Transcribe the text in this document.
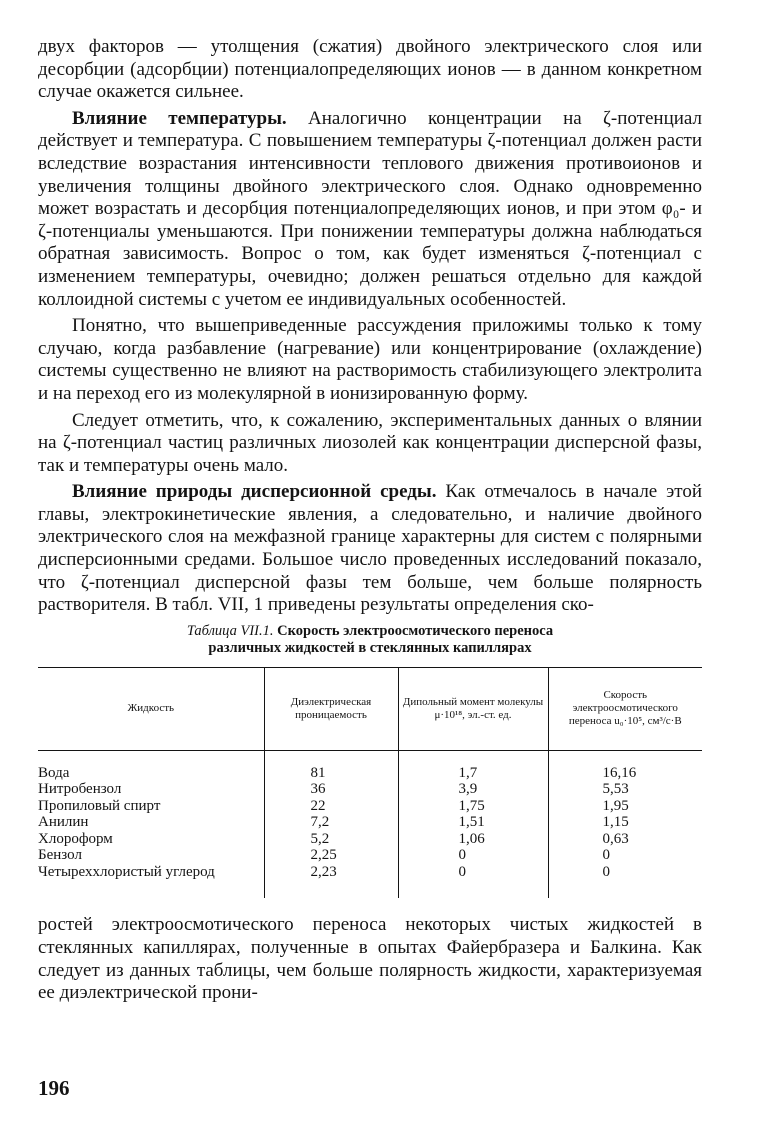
двух факторов — утолщения (сжатия) двойного электрического слоя или десорбции (адсорбции) потенциалопределяющих ионов — в данном конкретном случае окажется сильнее.

Влияние температуры. Аналогично концентрации на ζ-потенциал действует и температура. С повышением температуры ζ-потенциал должен расти вследствие возрастания интенсивности теплового движения противоионов и увеличения толщины двойного электрического слоя. Однако одновременно может возрастать и десорбция потенциалопределяющих ионов, и при этом φ₀- и ζ-потенциалы уменьшаются. При понижении температуры должна наблюдаться обратная зависимость. Вопрос о том, как будет изменяться ζ-потенциал с изменением температуры, очевидно; должен решаться отдельно для каждой коллоидной системы с учетом ее индивидуальных особенностей.

Понятно, что вышеприведенные рассуждения приложимы только к тому случаю, когда разбавление (нагревание) или концентрирование (охлаждение) системы существенно не влияют на растворимость стабилизующего электролита и на переход его из молекулярной в ионизированную форму.

Следует отметить, что, к сожалению, экспериментальных данных о влянии на ζ-потенциал частиц различных лиозолей как концентрации дисперсной фазы, так и температуры очень мало.

Влияние природы дисперсионной среды. Как отмечалось в начале этой главы, электрокинетические явления, а следовательно, и наличие двойного электрического слоя на межфазной границе характерны для систем с полярными дисперсионными средами. Большое число проведенных исследований показало, что ζ-потенциал дисперсной фазы тем больше, чем больше полярность растворителя. В табл. VII, 1 приведены результаты определения ско-

Таблица VII.1. Скорость электроосмотического переноса
различных жидкостей в стеклянных капиллярах
Жидкость	Диэлектрическая проницаемость	Дипольный момент молекулы μ·10¹⁸, эл.-ст. ед.	Скорость электроосмотического переноса u₀·10⁵, см³/с·В

Вода	81	1,7	16,16
Нитробензол	36	3,9	5,53
Пропиловый спирт	22	1,75	1,95
Анилин	7,2	1,51	1,15
Хлороформ	5,2	1,06	0,63
Бензол	2,25	0	0
Четыреххлористый углерод	2,23	0	0

ростей электроосмотического переноса некоторых чистых жидкостей в стеклянных капиллярах, полученные в опытах Файербразера и Балкина. Как следует из данных таблицы, чем больше полярность жидкости, характеризуемая ее диэлектрической прони-

196
